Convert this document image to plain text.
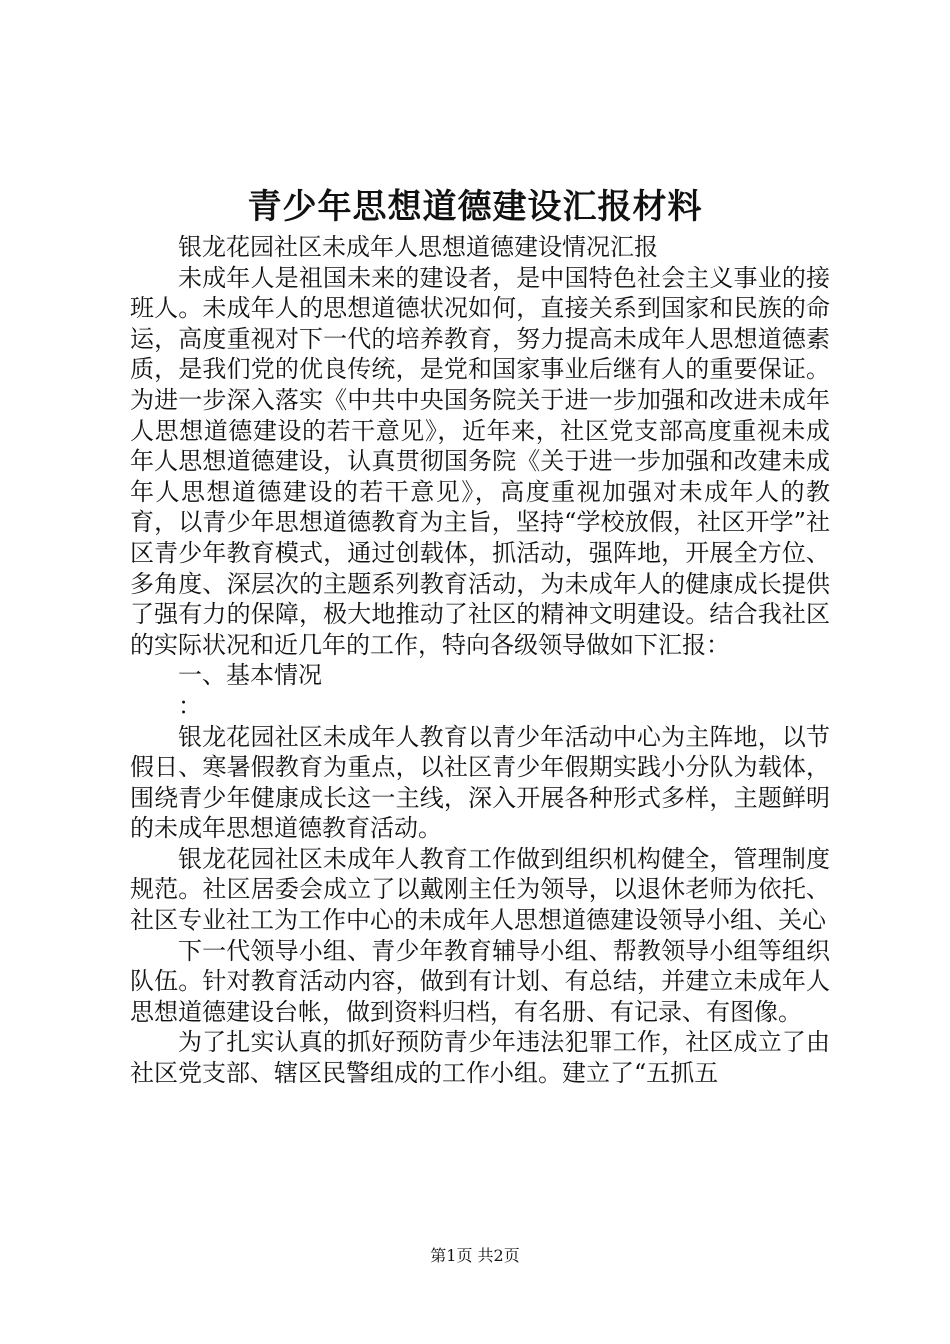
青少年思想道德建设汇报材料

银龙花园社区未成年人思想道德建设情况汇报

未成年人是祖国未来的建设者，是中国特色社会主义事业的接班人。未成年人的思想道德状况如何，直接关系到国家和民族的命运，高度重视对下一代的培养教育，努力提高未成年人思想道德素质，是我们党的优良传统，是党和国家事业后继有人的重要保证。为进一步深入落实《中共中央国务院关于进一步加强和改进未成年人思想道德建设的若干意见》，近年来，社区党支部高度重视未成年人思想道德建设，认真贯彻国务院《关于进一步加强和改建未成年人思想道德建设的若干意见》，高度重视加强对未成年人的教育，以青少年思想道德教育为主旨，坚持“学校放假，社区开学”社区青少年教育模式，通过创载体，抓活动，强阵地，开展全方位、多角度、深层次的主题系列教育活动，为未成年人的健康成长提供了强有力的保障，极大地推动了社区的精神文明建设。结合我社区的实际状况和近几年的工作，特向各级领导做如下汇报：

一、基本情况

：

银龙花园社区未成年人教育以青少年活动中心为主阵地，以节假日、寒暑假教育为重点，以社区青少年假期实践小分队为载体，围绕青少年健康成长这一主线，深入开展各种形式多样，主题鲜明的未成年思想道德教育活动。

银龙花园社区未成年人教育工作做到组织机构健全，管理制度规范。社区居委会成立了以戴刚主任为领导，以退休老师为依托、社区专业社工为工作中心的未成年人思想道德建设领导小组、关心

下一代领导小组、青少年教育辅导小组、帮教领导小组等组织队伍。针对教育活动内容，做到有计划、有总结，并建立未成年人思想道德建设台帐，做到资料归档，有名册、有记录、有图像。

为了扎实认真的抓好预防青少年违法犯罪工作，社区成立了由社区党支部、辖区民警组成的工作小组。建立了“五抓五

第1页 共2页
